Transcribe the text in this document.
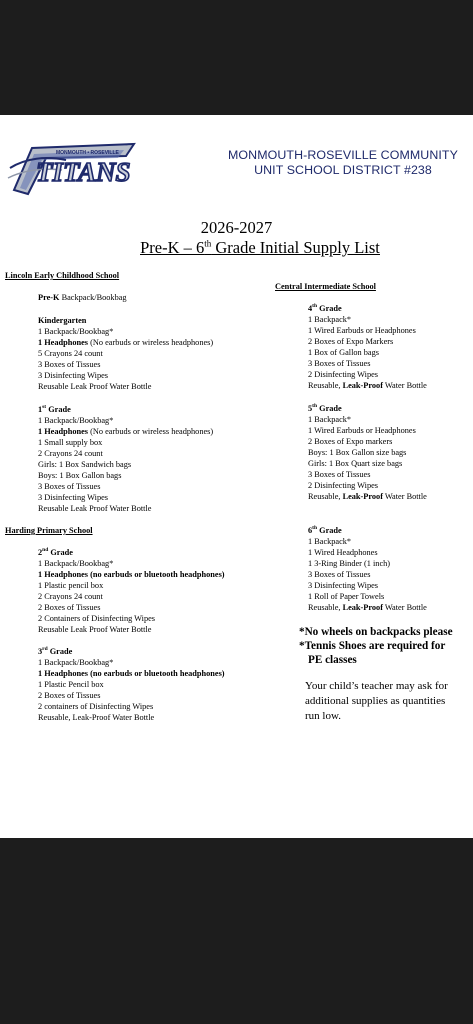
MONMOUTH • ROSEVILLE
TITANS
MONMOUTH-ROSEVILLE COMMUNITY
UNIT SCHOOL DISTRICT #238
2026-2027
Pre-K – 6th Grade Initial Supply List
Lincoln Early Childhood School
Pre-K Backpack/Bookbag
Kindergarten
1 Backpack/Bookbag*
1 Headphones (No earbuds or wireless headphones)
5 Crayons 24 count
3 Boxes of Tissues
3 Disinfecting Wipes
Reusable Leak Proof Water Bottle
1st Grade
1 Backpack/Bookbag*
1 Headphones (No earbuds or wireless headphones)
1 Small supply box
2 Crayons 24 count
Girls: 1 Box Sandwich bags
Boys: 1 Box Gallon bags
3 Boxes of Tissues
3 Disinfecting Wipes
Reusable Leak Proof Water Bottle
Harding Primary School
2nd Grade
1 Backpack/Bookbag*
1 Headphones (no earbuds or bluetooth headphones)
1 Plastic pencil box
2 Crayons 24 count
2 Boxes of Tissues
2 Containers of Disinfecting Wipes
Reusable Leak Proof Water Bottle
3rd Grade
1 Backpack/Bookbag*
1 Headphones (no earbuds or bluetooth headphones)
1 Plastic Pencil box
2 Boxes of Tissues
2 containers of Disinfecting Wipes
Reusable, Leak-Proof Water Bottle
Central Intermediate School
4th Grade
1 Backpack*
1 Wired Earbuds or Headphones
2 Boxes of Expo Markers
1 Box of Gallon bags
3 Boxes of Tissues
2 Disinfecting Wipes
Reusable, Leak-Proof Water Bottle
5th Grade
1 Backpack*
1 Wired Earbuds or Headphones
2 Boxes of Expo markers
Boys: 1 Box Gallon size bags
Girls: 1 Box Quart size bags
3 Boxes of Tissues
2 Disinfecting Wipes
Reusable, Leak-Proof Water Bottle
6th Grade
1 Backpack*
1 Wired Headphones
1 3-Ring Binder (1 inch)
3 Boxes of Tissues
3 Disinfecting Wipes
1 Roll of Paper Towels
Reusable, Leak-Proof Water Bottle
*No wheels on backpacks please
*Tennis Shoes are required for
PE classes
Your child’s teacher may ask for
additional supplies as quantities
run low.
